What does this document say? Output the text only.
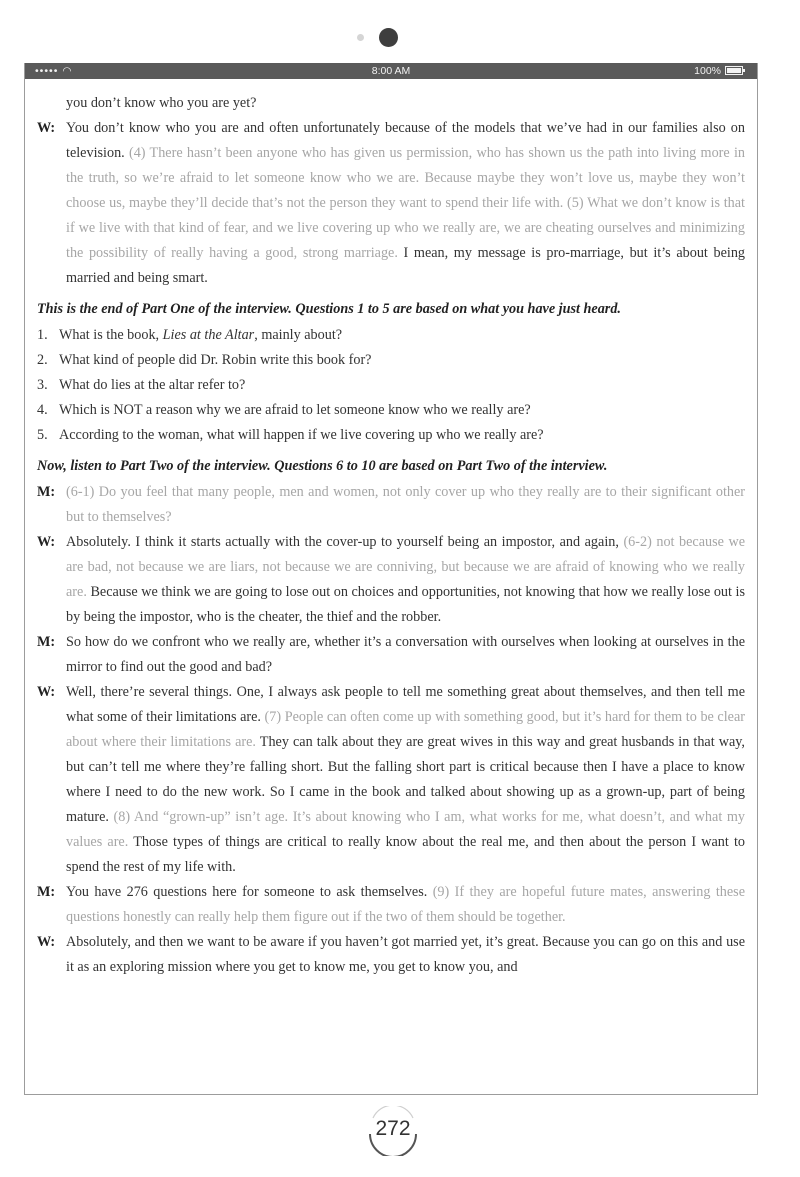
••••• ◠	8:00 AM	100%
you don’t know who you are yet?
W: You don’t know who you are and often unfortunately because of the models that we’ve had in our families also on television. (4) There hasn’t been anyone who has given us permission, who has shown us the path into living more in the truth, so we’re afraid to let someone know who we are. Because maybe they won’t love us, maybe they won’t choose us, maybe they’ll decide that’s not the person they want to spend their life with. (5) What we don’t know is that if we live with that kind of fear, and we live covering up who we really are, we are cheating ourselves and minimizing the possibility of really having a good, strong marriage. I mean, my message is pro-marriage, but it’s about being married and being smart.
This is the end of Part One of the interview. Questions 1 to 5 are based on what you have just heard.
1. What is the book, Lies at the Altar, mainly about?
2. What kind of people did Dr. Robin write this book for?
3. What do lies at the altar refer to?
4. Which is NOT a reason why we are afraid to let someone know who we really are?
5. According to the woman, what will happen if we live covering up who we really are?
Now, listen to Part Two of the interview. Questions 6 to 10 are based on Part Two of the interview.
M: (6-1) Do you feel that many people, men and women, not only cover up who they really are to their significant other but to themselves?
W: Absolutely. I think it starts actually with the cover-up to yourself being an impostor, and again, (6-2) not because we are bad, not because we are liars, not because we are conniving, but because we are afraid of knowing who we really are. Because we think we are going to lose out on choices and opportunities, not knowing that how we really lose out is by being the impostor, who is the cheater, the thief and the robber.
M: So how do we confront who we really are, whether it’s a conversation with ourselves when looking at ourselves in the mirror to find out the good and bad?
W: Well, there’re several things. One, I always ask people to tell me something great about themselves, and then tell me what some of their limitations are. (7) People can often come up with something good, but it’s hard for them to be clear about where their limitations are. They can talk about they are great wives in this way and great husbands in that way, but can’t tell me where they’re falling short. But the falling short part is critical because then I have a place to know where I need to do the new work. So I came in the book and talked about showing up as a grown-up, part of being mature. (8) And “grown-up” isn’t age. It’s about knowing who I am, what works for me, what doesn’t, and what my values are. Those types of things are critical to really know about the real me, and then about the person I want to spend the rest of my life with.
M: You have 276 questions here for someone to ask themselves. (9) If they are hopeful future mates, answering these questions honestly can really help them figure out if the two of them should be together.
W: Absolutely, and then we want to be aware if you haven’t got married yet, it’s great. Because you can go on this and use it as an exploring mission where you get to know me, you get to know you, and
272
